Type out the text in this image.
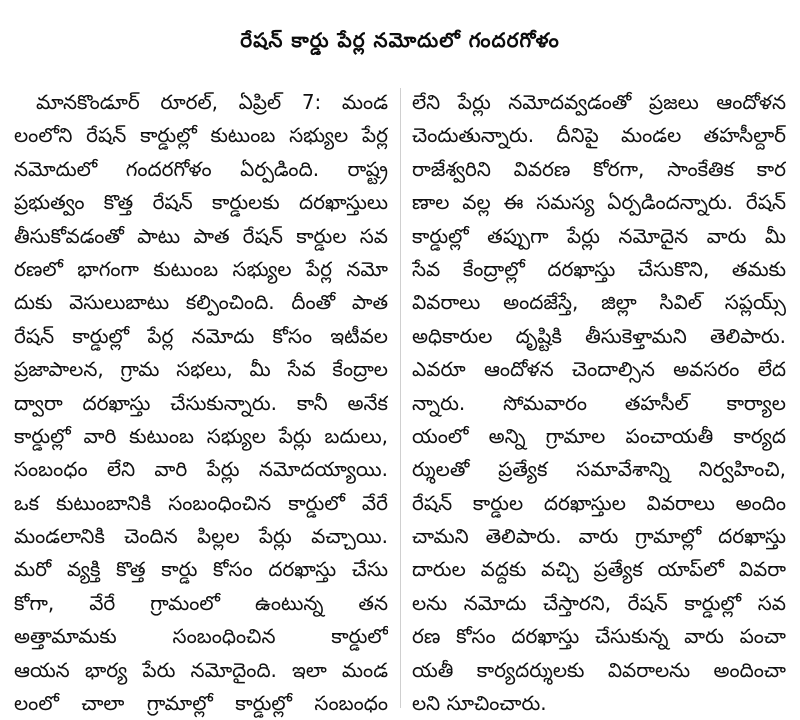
రేషన్ కార్డు పేర్ల నమోదులో గందరగోళం
మానకొండూర్ రూరల్, ఏప్రిల్ 7: మండ
లంలోని రేషన్ కార్డుల్లో కుటుంబ సభ్యుల పేర్ల
నమోదులో గందరగోళం ఏర్పడింది. రాష్ట్ర
ప్రభుత్వం కొత్త రేషన్ కార్డులకు దరఖాస్తులు
తీసుకోవడంతో పాటు పాత రేషన్ కార్డుల సవ
రణలో భాగంగా కుటుంబ సభ్యుల పేర్ల నమో
దుకు వెసులుబాటు కల్పించింది. దీంతో పాత
రేషన్ కార్డుల్లో పేర్ల నమోదు కోసం ఇటీవల
ప్రజాపాలన, గ్రామ సభలు, మీ సేవ కేంద్రాల
ద్వారా దరఖాస్తు చేసుకున్నారు. కానీ అనేక
కార్డుల్లో వారి కుటుంబ సభ్యుల పేర్లు బదులు,
సంబంధం లేని వారి పేర్లు నమోదయ్యాయి.
ఒక కుటుంబానికి సంబంధించిన కార్డులో వేరే
మండలానికి చెందిన పిల్లల పేర్లు వచ్చాయి.
మరో వ్యక్తి కొత్త కార్డు కోసం దరఖాస్తు చేసు
కోగా, వేరే గ్రామంలో ఉంటున్న తన
అత్తామామకు సంబంధించిన కార్డులో
ఆయన భార్య పేరు నమోదైంది. ఇలా మండ
లంలో చాలా గ్రామాల్లో కార్డుల్లో సంబంధం
లేని పేర్లు నమోదవ్వడంతో ప్రజలు ఆందోళన
చెందుతున్నారు. దీనిపై మండల తహసీల్దార్
రాజేశ్వరిని వివరణ కోరగా, సాంకేతిక కార
ణాల వల్ల ఈ సమస్య ఏర్పడిందన్నారు. రేషన్
కార్డుల్లో తప్పుగా పేర్లు నమోదైన వారు మీ
సేవ కేంద్రాల్లో దరఖాస్తు చేసుకొని, తమకు
వివరాలు అందజేస్తే, జిల్లా సివిల్ సప్లయ్స్
అధికారుల దృష్టికి తీసుకెళ్తామని తెలిపారు.
ఎవరూ ఆందోళన చెందాల్సిన అవసరం లేద
న్నారు. సోమవారం తహసీల్ కార్యాల
యంలో అన్ని గ్రామాల పంచాయతీ కార్యద
ర్శులతో ప్రత్యేక సమావేశాన్ని నిర్వహించి,
రేషన్ కార్డుల దరఖాస్తుల వివరాలు అందిం
చామని తెలిపారు. వారు గ్రామాల్లో దరఖాస్తు
దారుల వద్దకు వచ్చి ప్రత్యేక యాప్‌లో వివరా
లను నమోదు చేస్తారని, రేషన్ కార్డుల్లో సవ
రణ కోసం దరఖాస్తు చేసుకున్న వారు పంచా
యతీ కార్యదర్శులకు వివరాలను అందించా
లని సూచించారు.
